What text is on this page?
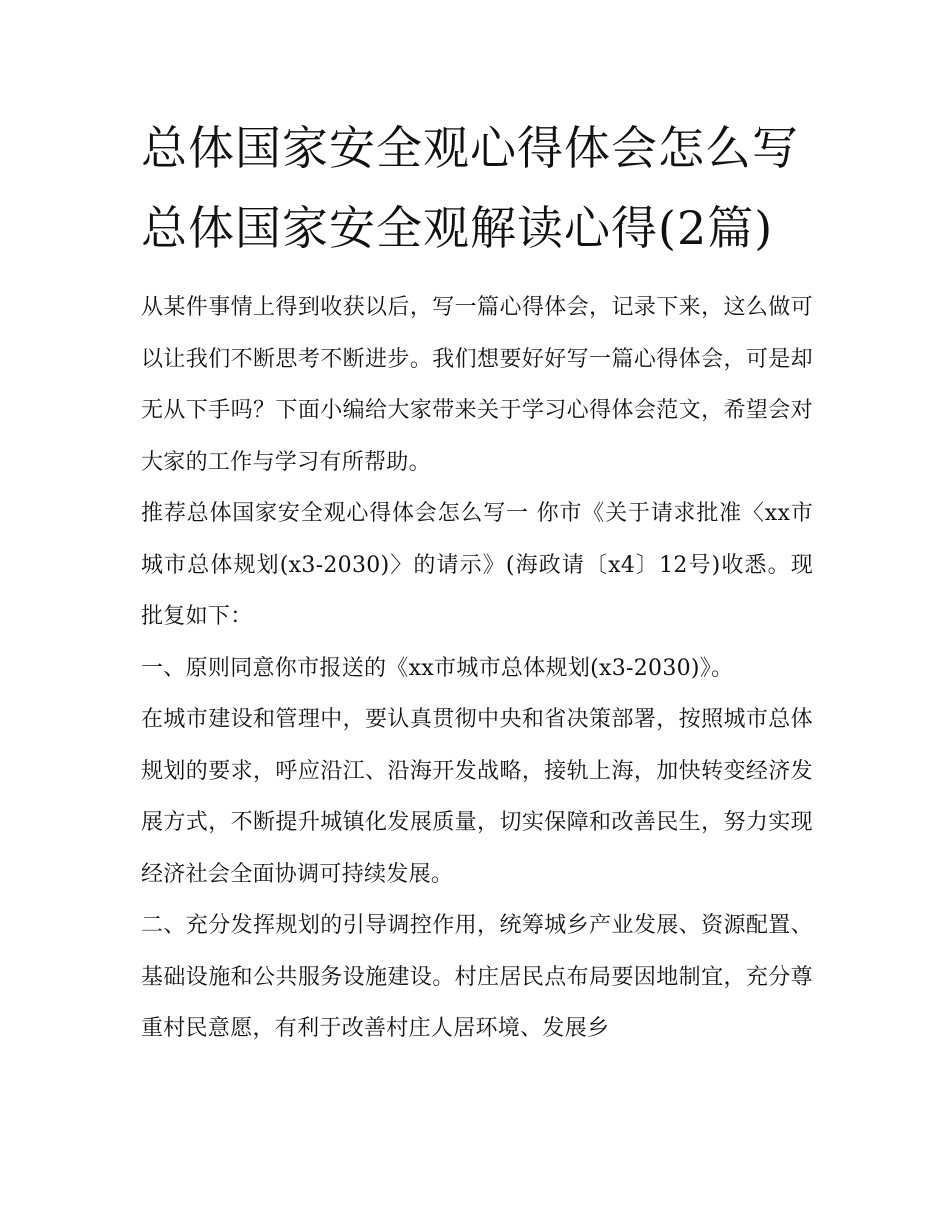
总体国家安全观心得体会怎么写 总体国家安全观解读心得(2篇)

从某件事情上得到收获以后，写一篇心得体会，记录下来，这么做可以让我们不断思考不断进步。我们想要好好写一篇心得体会，可是却无从下手吗？下面小编给大家带来关于学习心得体会范文，希望会对大家的工作与学习有所帮助。

推荐总体国家安全观心得体会怎么写一 你市《关于请求批准〈xx市城市总体规划(x3-2030)〉的请示》(海政请〔x4〕12号)收悉。现批复如下：

一、原则同意你市报送的《xx市城市总体规划(x3-2030)》。

在城市建设和管理中，要认真贯彻中央和省决策部署，按照城市总体规划的要求，呼应沿江、沿海开发战略，接轨上海，加快转变经济发展方式，不断提升城镇化发展质量，切实保障和改善民生，努力实现经济社会全面协调可持续发展。

二、充分发挥规划的引导调控作用，统筹城乡产业发展、资源配置、基础设施和公共服务设施建设。村庄居民点布局要因地制宜，充分尊重村民意愿，有利于改善村庄人居环境、发展乡
